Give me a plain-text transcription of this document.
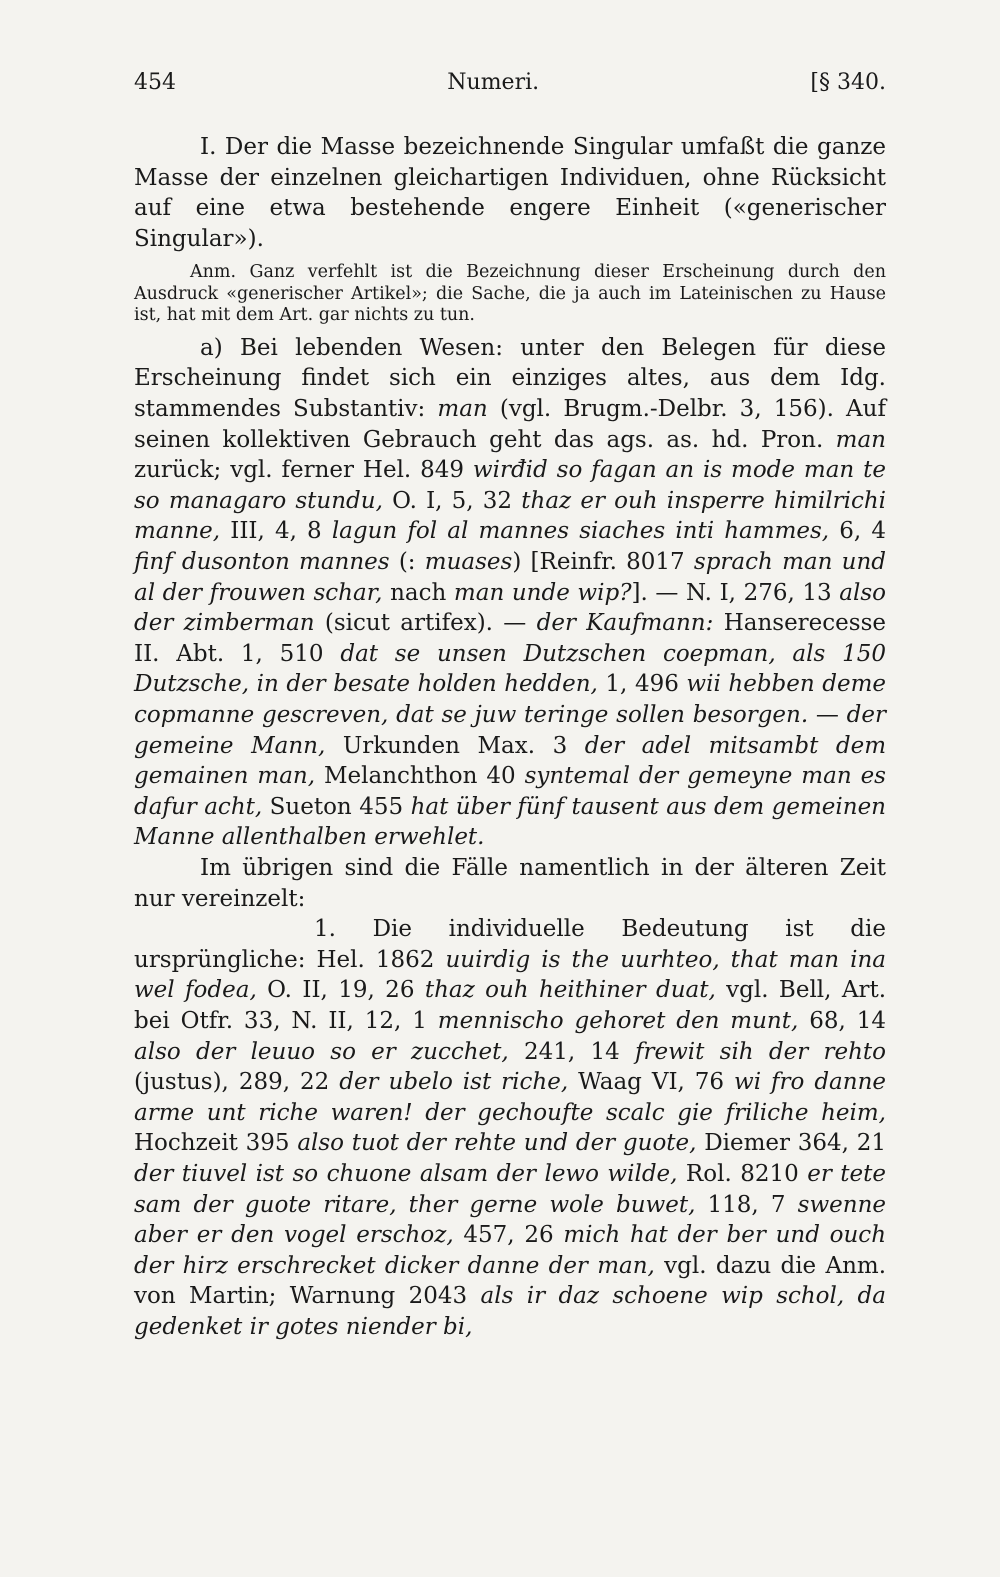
454	Numeri.	[§ 340.

I. Der die Masse bezeichnende Singular umfaßt die ganze Masse der einzelnen gleichartigen Individuen, ohne Rücksicht auf eine etwa bestehende engere Einheit («generischer Singular»).

Anm. Ganz verfehlt ist die Bezeichnung dieser Erscheinung durch den Ausdruck «generischer Artikel»; die Sache, die ja auch im Lateinischen zu Hause ist, hat mit dem Art. gar nichts zu tun.

a) Bei lebenden Wesen: unter den Belegen für diese Erscheinung findet sich ein einziges altes, aus dem Idg. stammendes Substantiv: man (vgl. Brugm.-Delbr. 3, 156). Auf seinen kollektiven Gebrauch geht das ags. as. hd. Pron. man zurück; vgl. ferner Hel. 849 wirđid so fagan an is mode man te so managaro stundu, O. I, 5, 32 thaz er ouh insperre himilrichi manne, III, 4, 8 lagun fol al mannes siaches inti hammes, 6, 4 finf dusonton mannes (: muases) [Reinfr. 8017 sprach man und al der frouwen schar, nach man unde wip?]. — N. I, 276, 13 also der zimberman (sicut artifex). — der Kaufmann: Hanserecesse II. Abt. 1, 510 dat se unsen Dutzschen coepman, als 150 Dutzsche, in der besate holden hedden, 1, 496 wii hebben deme copmanne gescreven, dat se juw teringe sollen besorgen. — der gemeine Mann, Urkunden Max. 3 der adel mitsambt dem gemainen man, Melanchthon 40 syntemal der gemeyne man es dafur acht, Sueton 455 hat über fünf tausent aus dem gemeinen Manne allenthalben erwehlet.

Im übrigen sind die Fälle namentlich in der älteren Zeit nur vereinzelt:

1. Die individuelle Bedeutung ist die ursprüngliche: Hel. 1862 uuirdig is the uurhteo, that man ina wel fodea, O. II, 19, 26 thaz ouh heithiner duat, vgl. Bell, Art. bei Otfr. 33, N. II, 12, 1 mennischo gehoret den munt, 68, 14 also der leuuo so er zucchet, 241, 14 frewit sih der rehto (justus), 289, 22 der ubelo ist riche, Waag VI, 76 wi fro danne arme unt riche waren! der gechoufte scalc gie friliche heim, Hochzeit 395 also tuot der rehte und der guote, Diemer 364, 21 der tiuvel ist so chuone alsam der lewo wilde, Rol. 8210 er tete sam der guote ritare, ther gerne wole buwet, 118, 7 swenne aber er den vogel erschoz, 457, 26 mich hat der ber und ouch der hirz erschrecket dicker danne der man, vgl. dazu die Anm. von Martin; Warnung 2043 als ir daz schoene wip schol, da gedenket ir gotes niender bi,
